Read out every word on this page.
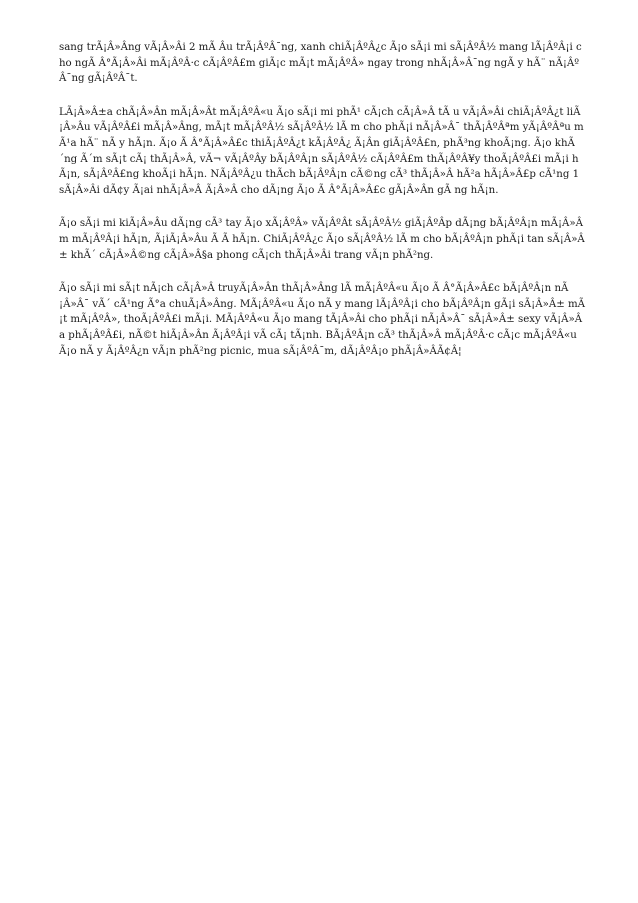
sang trÃ¡Â»Âng vÃ¡Â»Âi 2 mÃ Âu trÃ¡ÂºÂ¯ng, xanh chiÃ¡ÂºÂ¿c Ã¡o sÃ¡i mi sÃ¡ÂºÂ½ mang lÃ¡ÂºÂ¡i cho ngÃ Â°Ã¡Â»Âi mÃ¡ÂºÂ·c cÃ¡ÂºÂ£m giÃ¡c mÃ¡t mÃ¡ÂºÂ» ngay trong nhÃ¡Â»Â¯ng ngÃ y hÃ¨ nÃ¡ÂºÂ¯ng gÃ¡ÂºÂ¯t.

LÃ¡Â»Â±a chÃ¡Â»Ân mÃ¡Â»Ât mÃ¡ÂºÂ«u Ã¡o sÃ¡i mi phÃ¹ cÃ¡ch cÃ¡Â»Â tÃ u vÃ¡Â»Âi chiÃ¡ÂºÂ¿t liÃ¡Â»Âu vÃ¡ÂºÂ£i mÃ¡Â»Âng, mÃ¡t mÃ¡ÂºÂ½ sÃ¡ÂºÂ½ lÃ m cho phÃ¡i nÃ¡Â»Â¯ thÃ¡ÂºÂªm yÃ¡ÂºÂªu mÃ¹a hÃ¨ nÃ y hÃ¡n. Ã¡o Ã Â°Ã¡Â»Â£c thiÃ¡ÂºÂ¿t kÃ¡ÂºÂ¿ Ã¡Ân giÃ¡ÂºÂ£n, phÃ³ng khoÃ¡ng. Ã¡o khÃ´ng Ã´m sÃ¡t cÃ¡ thÃ¡Â»Â, vÃ¬ vÃ¡ÂºÂy bÃ¡ÂºÂ¡n sÃ¡ÂºÂ½ cÃ¡ÂºÂ£m thÃ¡ÂºÂ¥y thoÃ¡ÂºÂ£i mÃ¡i hÃ¡n, sÃ¡ÂºÂ£ng khoÃ¡i hÃ¡n. NÃ¡ÂºÂ¿u thÃch bÃ¡ÂºÂ¡n cÃ©ng cÃ³ thÃ¡Â»Â hÃ²a hÃ¡Â»Â£p cÃ¹ng 1 sÃ¡Â»Âi dÃ¢y Ã¡ai nhÃ¡Â»Â Ã¡Â»Â cho dÃ¡ng Ã¡o Ã Â°Ã¡Â»Â£c gÃ¡Â»Ân gÃ ng hÃ¡n.

Ã¡o sÃ¡i mi kiÃ¡Â»Âu dÃ¡ng cÃ³ tay Ã¡o xÃ¡ÂºÂ» vÃ¡ÂºÂt sÃ¡ÂºÂ½ giÃ¡ÂºÂp dÃ¡ng bÃ¡ÂºÂ¡n mÃ¡Â»Âm mÃ¡ÂºÂ¡i hÃ¡n, Ã¡iÃ¡Â»Âu Ã Ã hÃ¡n. ChiÃ¡ÂºÂ¿c Ã¡o sÃ¡ÂºÂ½ lÃ m cho bÃ¡ÂºÂ¡n phÃ¡i tan sÃ¡Â»Â± khÃ´ cÃ¡Â»Â©ng cÃ¡Â»Â§a phong cÃ¡ch thÃ¡Â»Âi trang vÃ¡n phÃ²ng.

Ã¡o sÃ¡i mi sÃ¡t nÃ¡ch cÃ¡Â»Â truyÃ¡Â»Ân thÃ¡Â»Âng lÃ mÃ¡ÂºÂ«u Ã¡o Ã Â°Ã¡Â»Â£c bÃ¡ÂºÂ¡n nÃ¡Â»Â¯ vÃ´ cÃ¹ng Ã°a chuÃ¡Â»Âng. MÃ¡ÂºÂ«u Ã¡o nÃ y mang lÃ¡ÂºÂ¡i cho bÃ¡ÂºÂ¡n gÃ¡i sÃ¡Â»Â± mÃ¡t mÃ¡ÂºÂ», thoÃ¡ÂºÂ£i mÃ¡i. MÃ¡ÂºÂ«u Ã¡o mang tÃ¡Â»Âi cho phÃ¡i nÃ¡Â»Â¯ sÃ¡Â»Â± sexy vÃ¡Â»Âa phÃ¡ÂºÂ£i, nÃ©t hiÃ¡Â»Ân Ã¡ÂºÂ¡i vÃ cÃ¡ tÃ¡nh. BÃ¡ÂºÂ¡n cÃ³ thÃ¡Â»Â mÃ¡ÂºÂ·c cÃ¡c mÃ¡ÂºÂ«u Ã¡o nÃ y Ã¡ÂºÂ¿n vÃ¡n phÃ²ng picnic, mua sÃ¡ÂºÂ¯m, dÃ¡ÂºÂ¡o phÃ¡Â»ÂÃ¢Â¦
